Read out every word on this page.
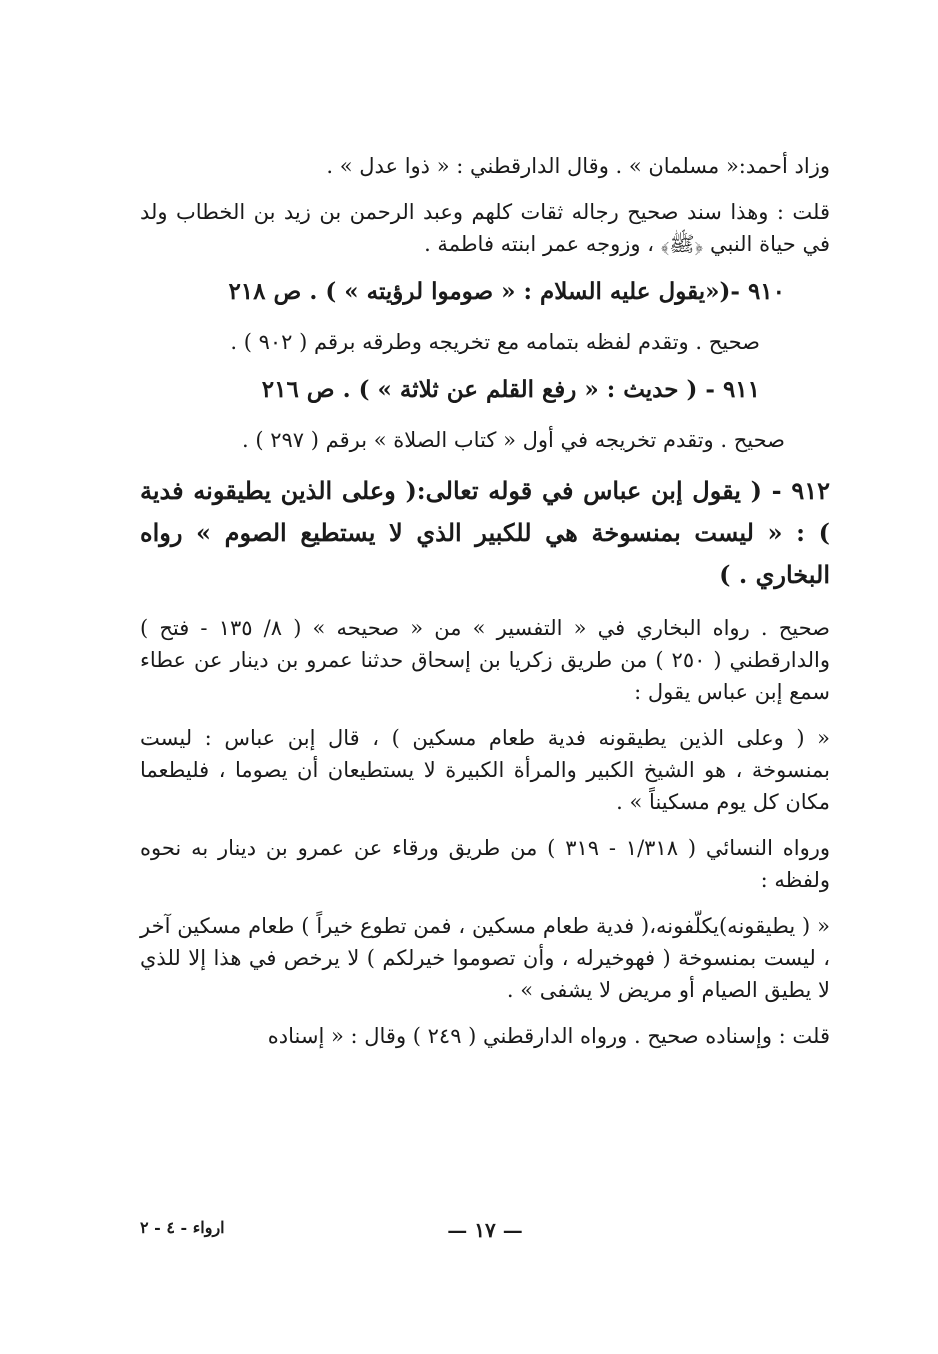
وزاد أحمد:« مسلمان » . وقال الدارقطني : « ذوا عدل » .

قلت : وهذا سند صحيح رجاله ثقات كلهم وعبد الرحمن بن زيد بن الخطاب ولد في حياة النبي ﴿ﷺ﴾ ، وزوجه عمر ابنته فاطمة .

٩١٠ -(«يقول عليه السلام : « صوموا لرؤيته » ) . ص ٢١٨

صحيح . وتقدم لفظه بتمامه مع تخريجه وطرقه برقم ( ٩٠٢ ) .

٩١١ - ( حديث : « رفع القلم عن ثلاثة » ) . ص ٢١٦

صحيح . وتقدم تخريجه في أول « كتاب الصلاة » برقم ( ٢٩٧ ) .

٩١٢ - ( يقول إبن عباس في قوله تعالى:( وعلى الذين يطيقونه فدية ) : « ليست بمنسوخة هي للكبير الذي لا يستطيع الصوم » رواه البخاري . )

صحيح . رواه البخاري في « التفسير » من « صحيحه » ( ٨/ ١٣٥ - فتح ) والدارقطني ( ٢٥٠ ) من طريق زكريا بن إسحاق حدثنا عمرو بن دينار عن عطاء سمع إبن عباس يقول :

« ( وعلى الذين يطيقونه فدية طعام مسكين ) ، قال إبن عباس : ليست بمنسوخة ، هو الشيخ الكبير والمرأة الكبيرة لا يستطيعان أن يصوما ، فليطعما مكان كل يوم مسكيناً » .

ورواه النسائي ( ١/٣١٨ - ٣١٩ ) من طريق ورقاء عن عمرو بن دينار به نحوه ولفظه :

« ( يطيقونه)يكلّفونه،( فدية طعام مسكين ، فمن تطوع خيراً ) طعام مسكين آخر ، ليست بمنسوخة ( فهوخيرله ، وأن تصوموا خيرلكم ) لا يرخص في هذا إلا للذي لا يطيق الصيام أو مريض لا يشفى » .

قلت : وإسناده صحيح . ورواه الدارقطني ( ٢٤٩ ) وقال : « إسناده

— ١٧ —
ارواء - ٤ - ٢
